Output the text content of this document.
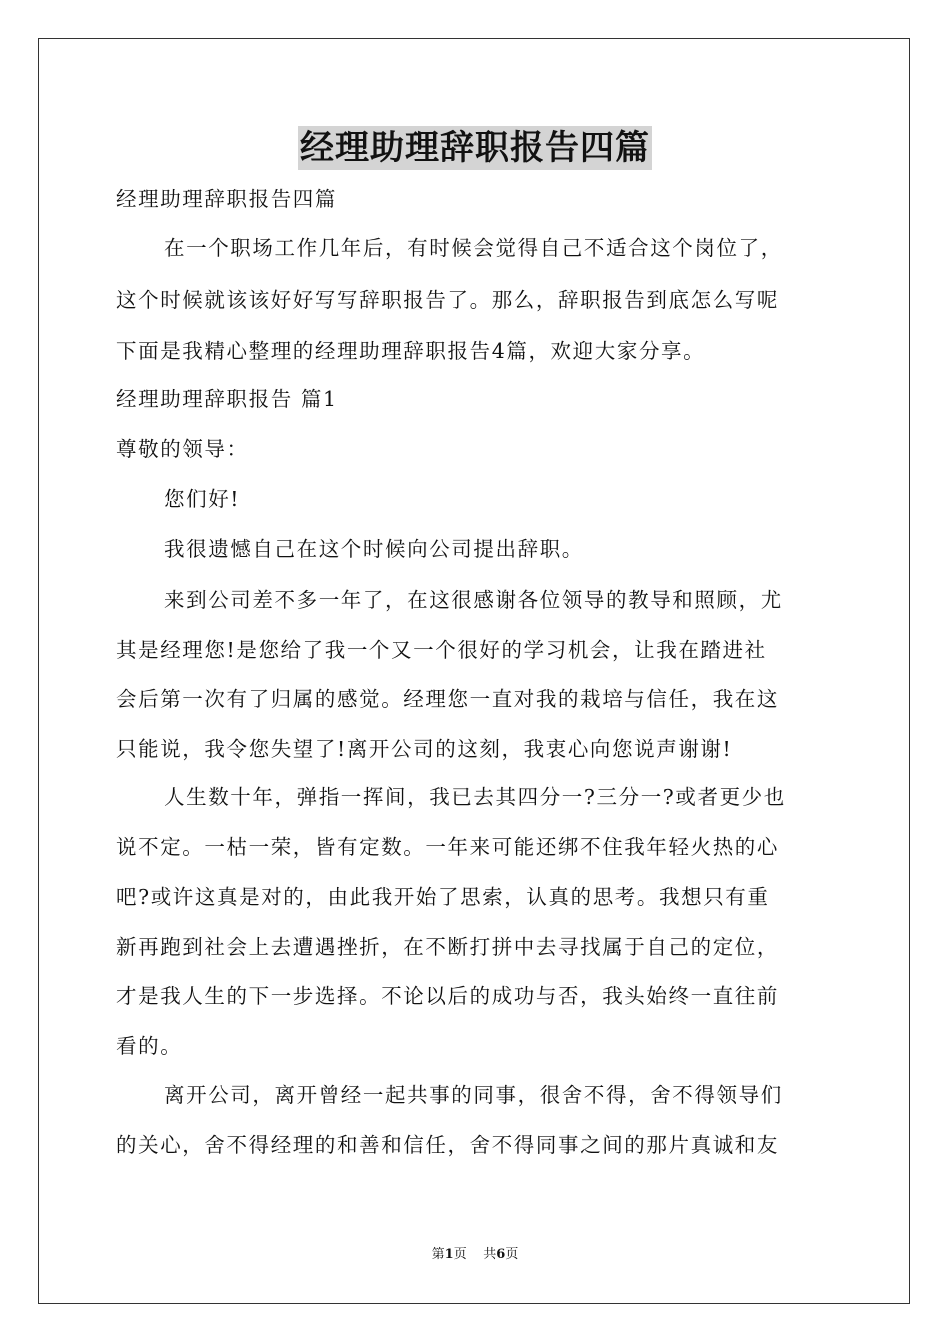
经理助理辞职报告四篇
经理助理辞职报告四篇
在一个职场工作几年后，有时候会觉得自己不适合这个岗位了，
这个时候就该该好好写写辞职报告了。那么，辞职报告到底怎么写呢
下面是我精心整理的经理助理辞职报告4篇，欢迎大家分享。
经理助理辞职报告 篇1
尊敬的领导：
您们好!
我很遗憾自己在这个时候向公司提出辞职。
来到公司差不多一年了，在这很感谢各位领导的教导和照顾，尤
其是经理您!是您给了我一个又一个很好的学习机会，让我在踏进社
会后第一次有了归属的感觉。经理您一直对我的栽培与信任，我在这
只能说，我令您失望了!离开公司的这刻，我衷心向您说声谢谢!
人生数十年，弹指一挥间，我已去其四分一?三分一?或者更少也
说不定。一枯一荣，皆有定数。一年来可能还绑不住我年轻火热的心
吧?或许这真是对的，由此我开始了思索，认真的思考。我想只有重
新再跑到社会上去遭遇挫折，在不断打拼中去寻找属于自己的定位，
才是我人生的下一步选择。不论以后的成功与否，我头始终一直往前
看的。
离开公司，离开曾经一起共事的同事，很舍不得，舍不得领导们
的关心，舍不得经理的和善和信任，舍不得同事之间的那片真诚和友
第1页 共6页
